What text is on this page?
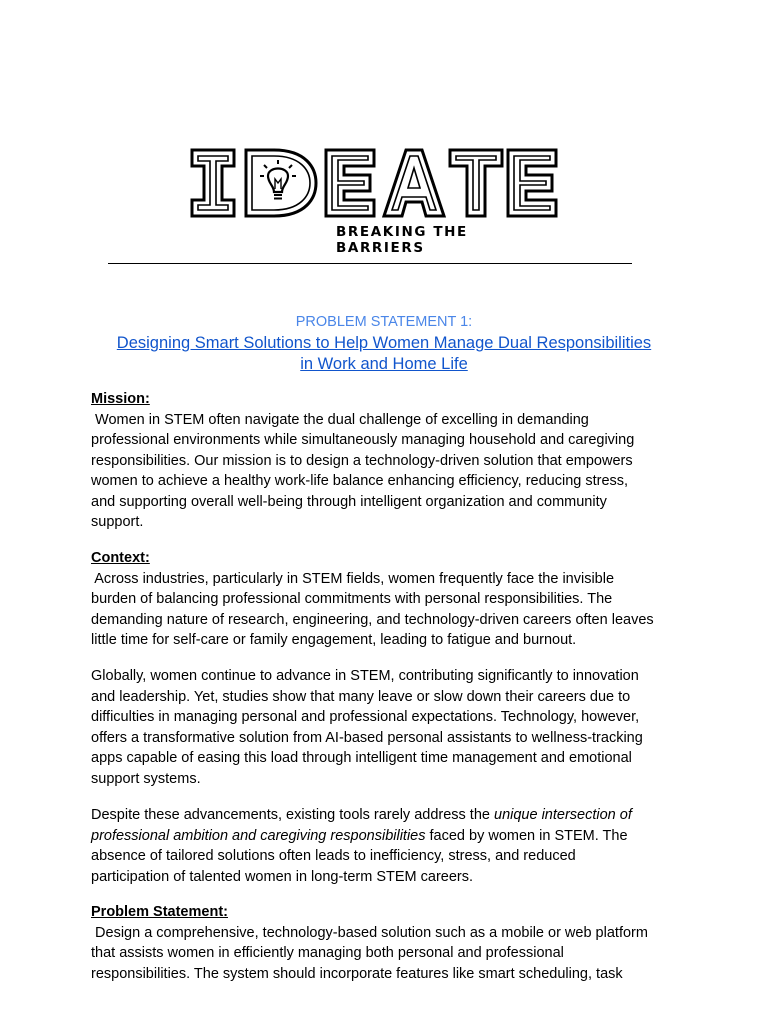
BREAKING THE BARRIERS
PROBLEM STATEMENT 1:
Designing Smart Solutions to Help Women Manage Dual Responsibilities
in Work and Home Life
Mission:
Women in STEM often navigate the dual challenge of excelling in demanding
professional environments while simultaneously managing household and caregiving
responsibilities. Our mission is to design a technology-driven solution that empowers
women to achieve a healthy work-life balance enhancing efficiency, reducing stress,
and supporting overall well-being through intelligent organization and community
support.
Context:
Across industries, particularly in STEM fields, women frequently face the invisible
burden of balancing professional commitments with personal responsibilities. The
demanding nature of research, engineering, and technology-driven careers often leaves
little time for self-care or family engagement, leading to fatigue and burnout.
Globally, women continue to advance in STEM, contributing significantly to innovation
and leadership. Yet, studies show that many leave or slow down their careers due to
difficulties in managing personal and professional expectations. Technology, however,
offers a transformative solution from AI-based personal assistants to wellness-tracking
apps capable of easing this load through intelligent time management and emotional
support systems.
Despite these advancements, existing tools rarely address the unique intersection of
professional ambition and caregiving responsibilities faced by women in STEM. The
absence of tailored solutions often leads to inefficiency, stress, and reduced
participation of talented women in long-term STEM careers.
Problem Statement:
Design a comprehensive, technology-based solution such as a mobile or web platform
that assists women in efficiently managing both personal and professional
responsibilities. The system should incorporate features like smart scheduling, task
